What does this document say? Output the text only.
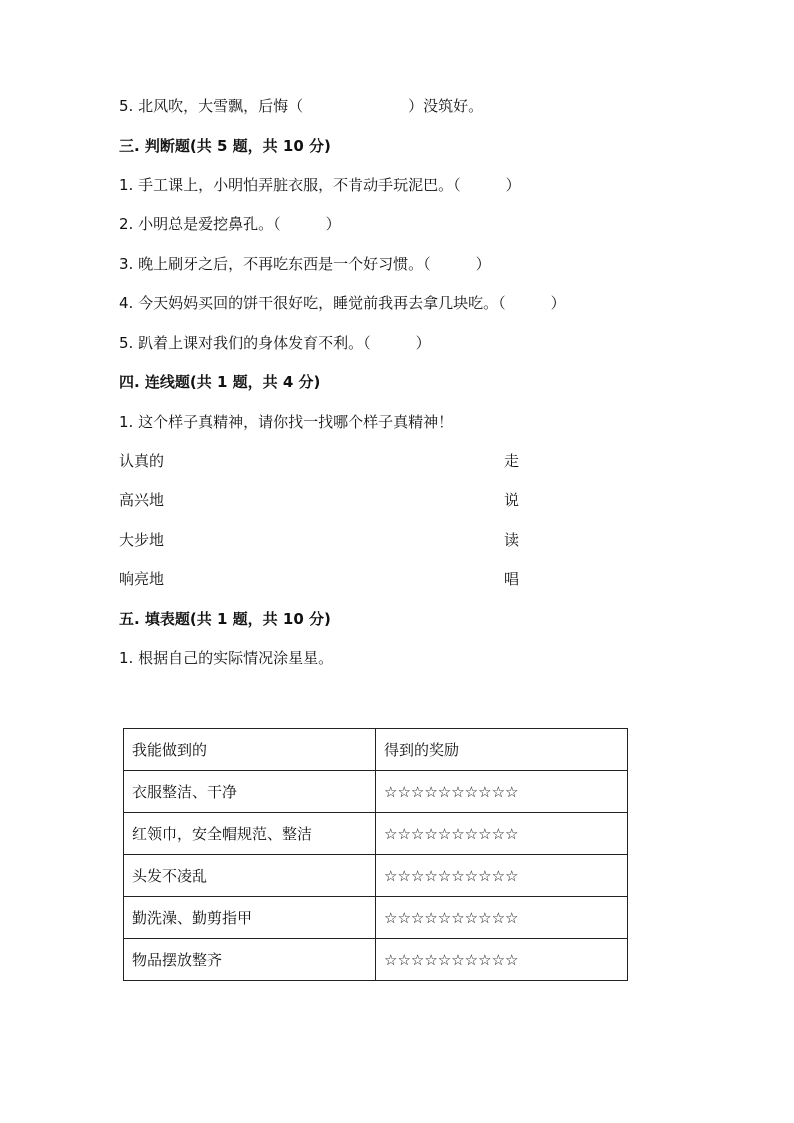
5. 北风吹，大雪飘，后悔（　　　　　　　）没筑好。
三. 判断题(共 5 题，共 10 分)
1. 手工课上，小明怕弄脏衣服，不肯动手玩泥巴。（　　　）
2. 小明总是爱挖鼻孔。（　　　）
3. 晚上刷牙之后，不再吃东西是一个好习惯。（　　　）
4. 今天妈妈买回的饼干很好吃，睡觉前我再去拿几块吃。（　　　）
5. 趴着上课对我们的身体发育不利。（　　　）
四. 连线题(共 1 题，共 4 分)
1. 这个样子真精神，请你找一找哪个样子真精神！
认真的	走
高兴地	说
大步地	读
响亮地	唱
五. 填表题(共 1 题，共 10 分)
1. 根据自己的实际情况涂星星。
我能做到的	得到的奖励
衣服整洁、干净	☆☆☆☆☆☆☆☆☆☆
红领巾，安全帽规范、整洁	☆☆☆☆☆☆☆☆☆☆
头发不凌乱	☆☆☆☆☆☆☆☆☆☆
勤洗澡、勤剪指甲	☆☆☆☆☆☆☆☆☆☆
物品摆放整齐	☆☆☆☆☆☆☆☆☆☆
